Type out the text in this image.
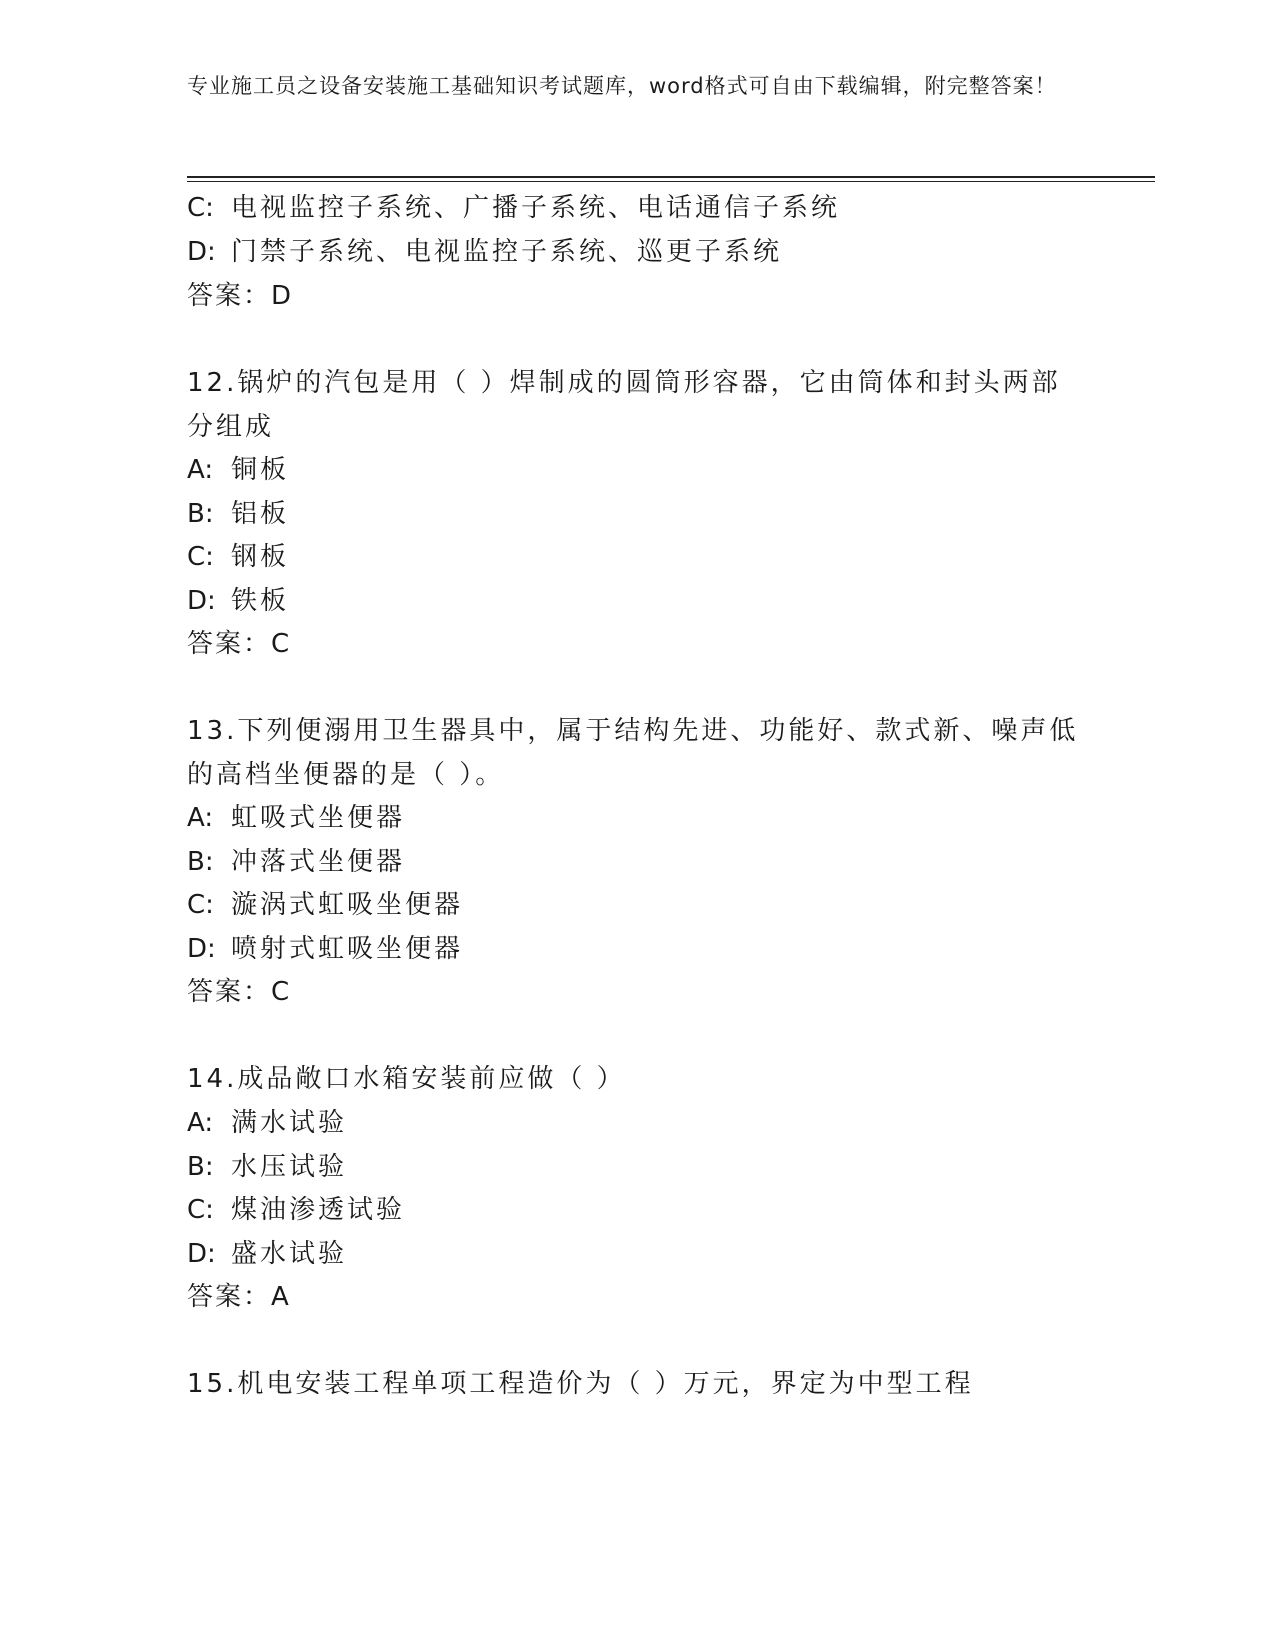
专业施工员之设备安装施工基础知识考试题库，word格式可自由下载编辑，附完整答案！
C: 电视监控子系统、广播子系统、电话通信子系统
D: 门禁子系统、电视监控子系统、巡更子系统
答案：D
12.锅炉的汽包是用（ ）焊制成的圆筒形容器，它由筒体和封头两部
分组成
A: 铜板
B: 铝板
C: 钢板
D: 铁板
答案：C
13.下列便溺用卫生器具中，属于结构先进、功能好、款式新、噪声低
的高档坐便器的是（ ）。
A: 虹吸式坐便器
B: 冲落式坐便器
C: 漩涡式虹吸坐便器
D: 喷射式虹吸坐便器
答案：C
14.成品敞口水箱安装前应做（ ）
A: 满水试验
B: 水压试验
C: 煤油渗透试验
D: 盛水试验
答案：A
15.机电安装工程单项工程造价为（ ）万元，界定为中型工程
